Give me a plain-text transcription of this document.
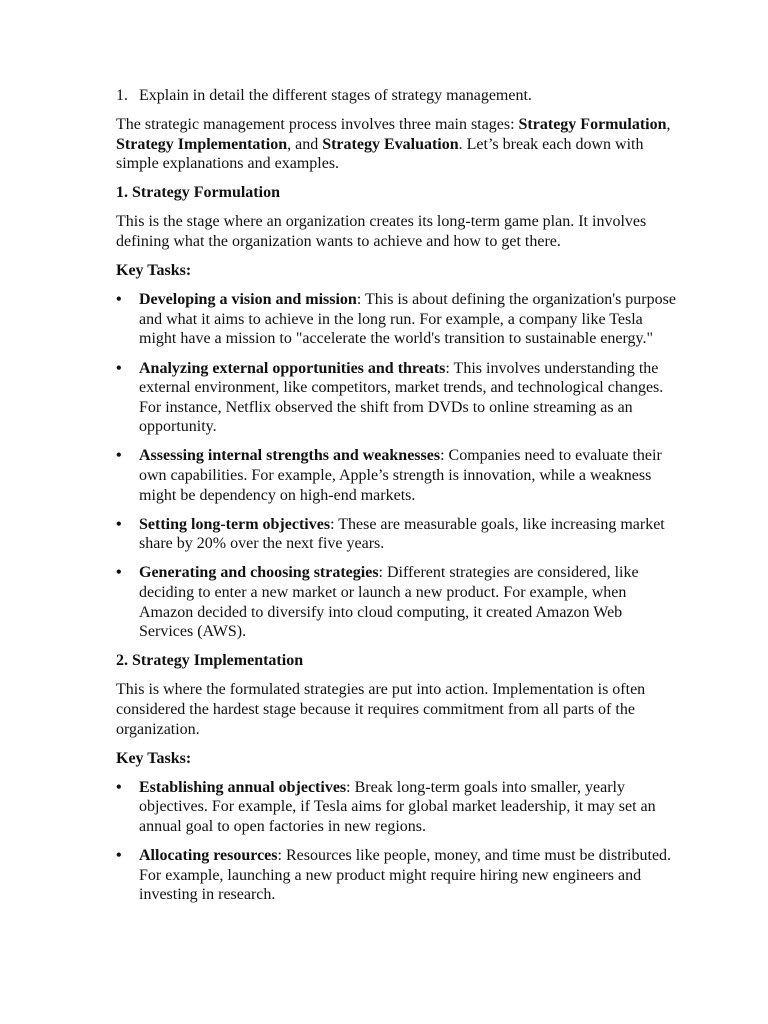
1. Explain in detail the different stages of strategy management.

The strategic management process involves three main stages: Strategy Formulation, Strategy Implementation, and Strategy Evaluation. Let’s break each down with simple explanations and examples.

1. Strategy Formulation

This is the stage where an organization creates its long-term game plan. It involves defining what the organization wants to achieve and how to get there.

Key Tasks:
• Developing a vision and mission: This is about defining the organization's purpose and what it aims to achieve in the long run. For example, a company like Tesla might have a mission to "accelerate the world's transition to sustainable energy."
• Analyzing external opportunities and threats: This involves understanding the external environment, like competitors, market trends, and technological changes. For instance, Netflix observed the shift from DVDs to online streaming as an opportunity.
• Assessing internal strengths and weaknesses: Companies need to evaluate their own capabilities. For example, Apple’s strength is innovation, while a weakness might be dependency on high-end markets.
• Setting long-term objectives: These are measurable goals, like increasing market share by 20% over the next five years.
• Generating and choosing strategies: Different strategies are considered, like deciding to enter a new market or launch a new product. For example, when Amazon decided to diversify into cloud computing, it created Amazon Web Services (AWS).
2. Strategy Implementation

This is where the formulated strategies are put into action. Implementation is often considered the hardest stage because it requires commitment from all parts of the organization.

Key Tasks:
• Establishing annual objectives: Break long-term goals into smaller, yearly objectives. For example, if Tesla aims for global market leadership, it may set an annual goal to open factories in new regions.
• Allocating resources: Resources like people, money, and time must be distributed. For example, launching a new product might require hiring new engineers and investing in research.
